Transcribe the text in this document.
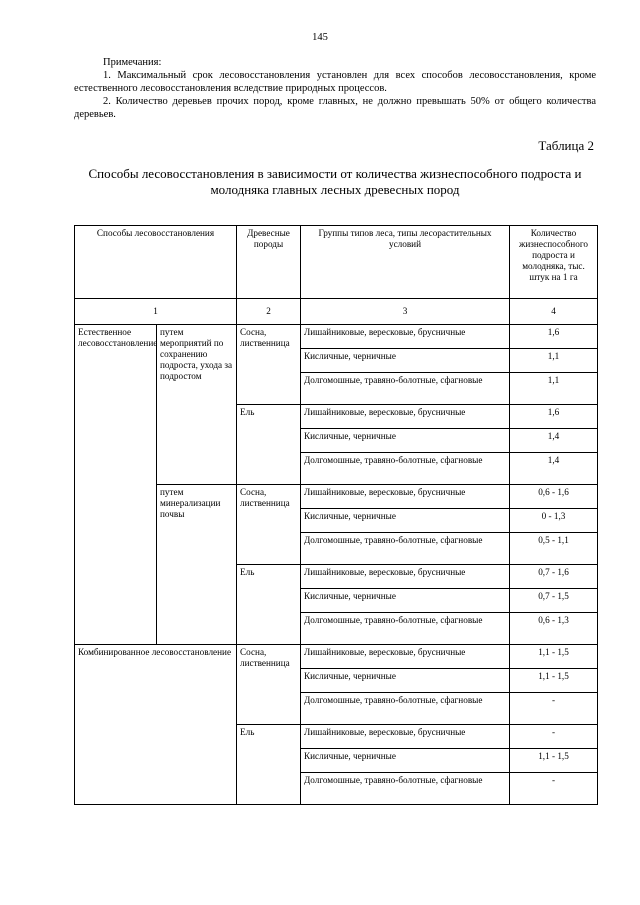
145

Примечания:

1. Максимальный срок лесовосстановления установлен для всех способов лесовосстановления, кроме естественного лесовосстановления вследствие природных процессов.

2. Количество деревьев прочих пород, кроме главных, не должно превышать 50% от общего количества деревьев.

Таблица 2
Способы лесовосстановления в зависимости от количества жизнеспособного подроста и молодняка главных лесных древесных пород
Способы лесовосстановления		Древесные породы	Группы типов леса, типы лесорастительных условий	Количество жизнеспособного подроста и молодняка, тыс. штук на 1 га
1		2	3	4
Естественное лесовосстановление	путем мероприятий по сохранению подроста, ухода за подростом	Сосна, лиственница	Лишайниковые, вересковые, брусничные	1,6
			Кисличные, черничные	1,1
			Долгомошные, травяно-болотные, сфагновые	1,1
		Ель	Лишайниковые, вересковые, брусничные	1,6
			Кисличные, черничные	1,4
			Долгомошные, травяно-болотные, сфагновые	1,4
	путем минерализации почвы	Сосна, лиственница	Лишайниковые, вересковые, брусничные	0,6 - 1,6
			Кисличные, черничные	0 - 1,3
			Долгомошные, травяно-болотные, сфагновые	0,5 - 1,1
		Ель	Лишайниковые, вересковые, брусничные	0,7 - 1,6
			Кисличные, черничные	0,7 - 1,5
			Долгомошные, травяно-болотные, сфагновые	0,6 - 1,3
Комбинированное лесовосстановление		Сосна, лиственница	Лишайниковые, вересковые, брусничные	1,1 - 1,5
			Кисличные, черничные	1,1 - 1,5
			Долгомошные, травяно-болотные, сфагновые	-
		Ель	Лишайниковые, вересковые, брусничные	-
			Кисличные, черничные	1,1 - 1,5
			Долгомошные, травяно-болотные, сфагновые	-
